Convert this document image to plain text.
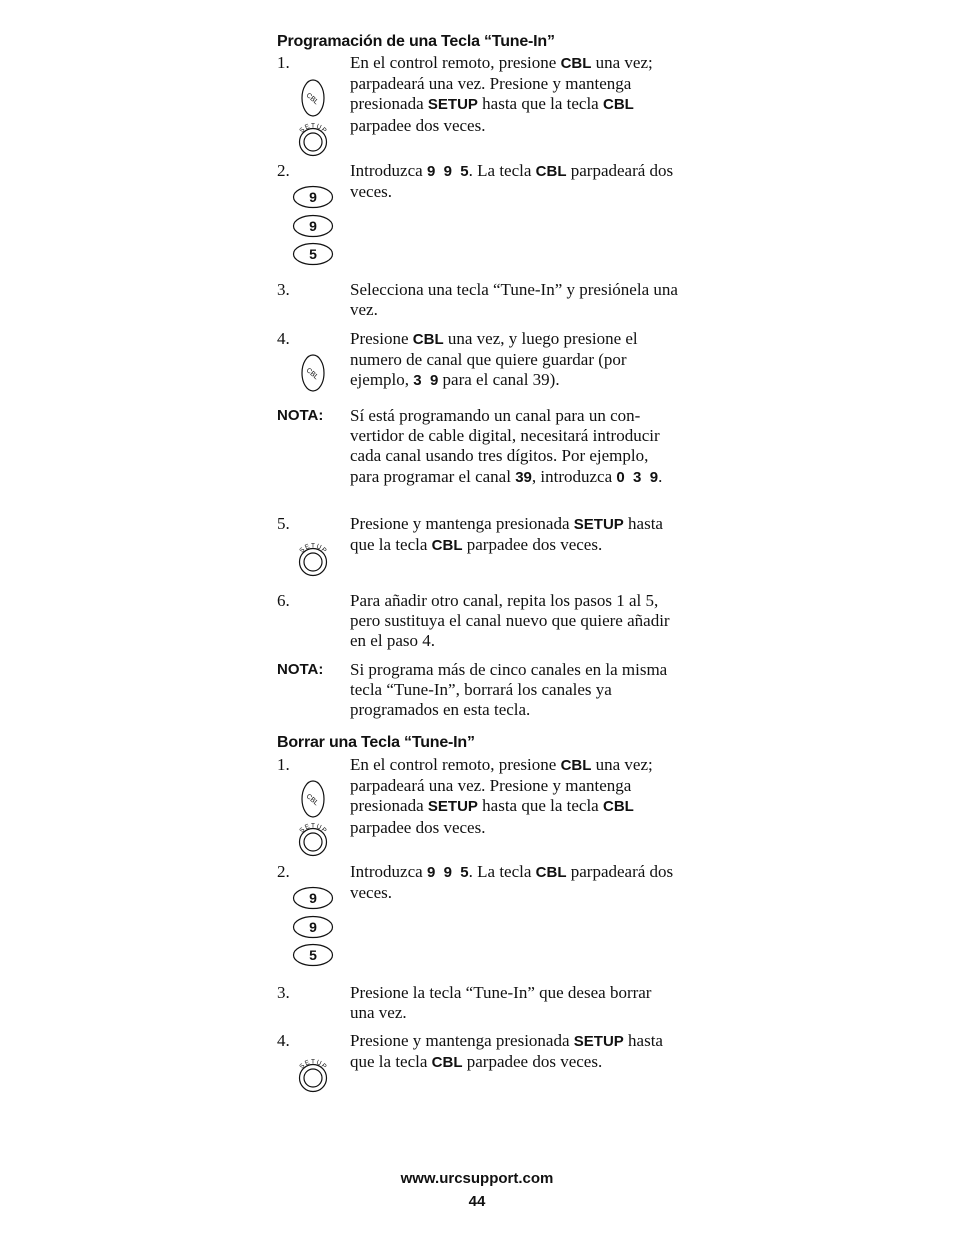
Programación de una Tecla “Tune-In”
1.	En el control remoto, presione CBL una vez; parpadeará una vez. Presione y mantenga presionada SETUP hasta que la tecla CBL parpadee dos veces.
2.	Introduzca 9  9  5. La tecla CBL parpadeará dos veces.
3.	Selecciona una tecla “Tune-In” y presiónela una vez.
4.	Presione CBL una vez, y luego presione el numero de canal que quiere guardar (por ejemplo, 3  9 para el canal 39).
NOTA: Sí está programando un canal para un con-vertidor de cable digital, necesitará introducir cada canal usando tres dígitos. Por ejemplo, para programar el canal 39, introduzca 0  3  9.
5.	Presione y mantenga presionada SETUP hasta que la tecla CBL parpadee dos veces.
6.	Para añadir otro canal, repita los pasos 1 al 5, pero sustituya el canal nuevo que quiere añadir en el paso 4.
NOTA: Si programa más de cinco canales en la misma tecla “Tune-In”, borrará los canales ya programados en esta tecla.
Borrar una Tecla “Tune-In”
1.	En el control remoto, presione CBL una vez; parpadeará una vez. Presione y mantenga presionada SETUP hasta que la tecla CBL parpadee dos veces.
2.	Introduzca 9  9  5. La tecla CBL parpadeará dos veces.
3.	Presione la tecla “Tune-In” que desea borrar una vez.
4.	Presione y mantenga presionada SETUP hasta que la tecla CBL parpadee dos veces.
CBL
S
E T U
P
9
9
5
CBL
S
E T U
P
CBL
S
E T U
P
9
9
5
S
E T U
P
www.urcsupport.com
44
